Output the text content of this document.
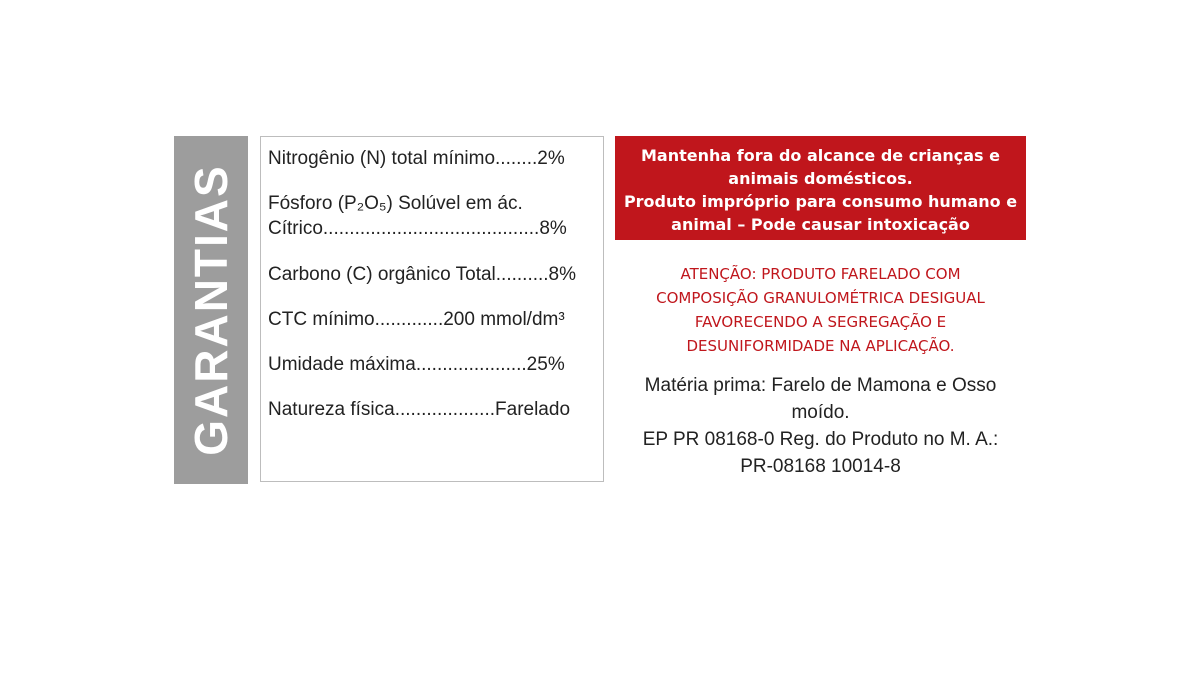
GARANTIAS
Nitrogênio (N) total mínimo........2%
Fósforo (P₂O₅) Solúvel em ác.
Cítrico.........................................8%
Carbono (C) orgânico Total..........8%
CTC mínimo.............200 mmol/dm³
Umidade máxima.....................25%
Natureza física...................Farelado
Mantenha fora do alcance de crianças e
animais domésticos.
Produto impróprio para consumo humano e
animal – Pode causar intoxicação
ATENÇÃO: PRODUTO FARELADO COM
COMPOSIÇÃO GRANULOMÉTRICA DESIGUAL
FAVORECENDO A SEGREGAÇÃO E
DESUNIFORMIDADE NA APLICAÇÃO.
Matéria prima: Farelo de Mamona e Osso
moído.
EP PR 08168-0 Reg. do Produto no M. A.:
PR-08168 10014-8
